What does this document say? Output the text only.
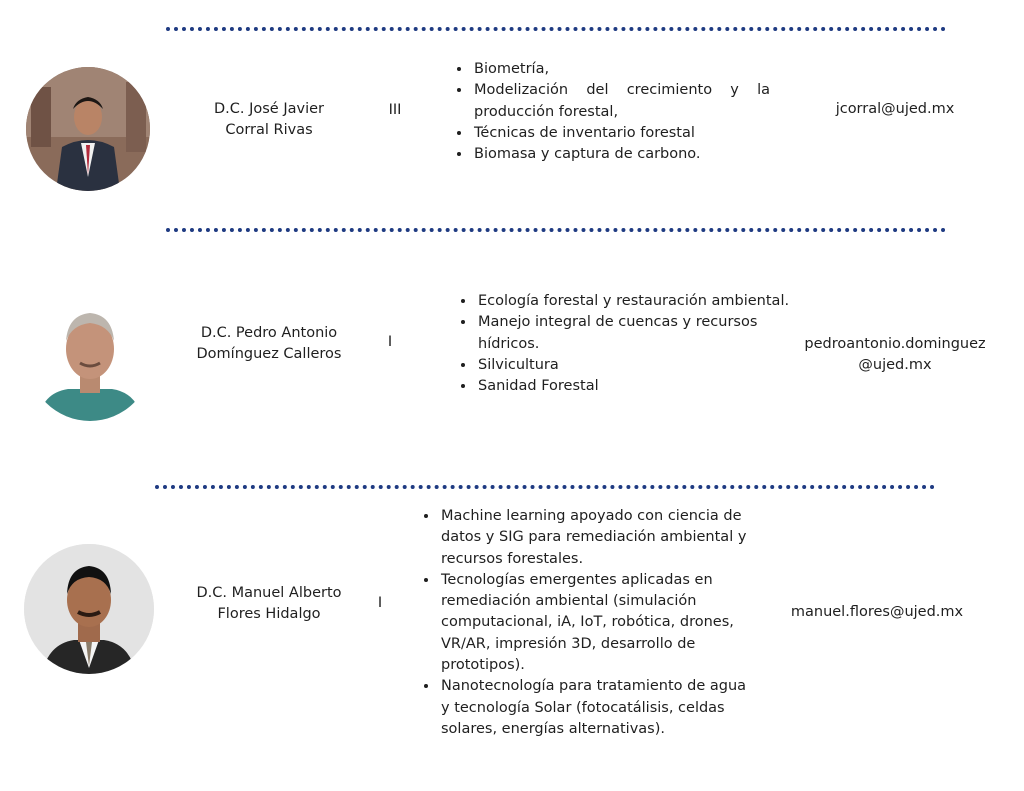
D.C. José Javier
Corral Rivas
III
• Biometría,
• Modelización del crecimiento y la producción forestal,
• Técnicas de inventario forestal
• Biomasa y captura de carbono.
jcorral@ujed.mx
D.C. Pedro Antonio
Domínguez Calleros
I
• Ecología forestal y restauración ambiental.
• Manejo integral de cuencas y recursos hídricos.
• Silvicultura
• Sanidad Forestal
pedroantonio.dominguez@ujed.mx
D.C. Manuel Alberto
Flores Hidalgo
I
• Machine learning apoyado con ciencia de datos y SIG para remediación ambiental y recursos forestales.
• Tecnologías emergentes aplicadas en remediación ambiental (simulación computacional, iA, IoT, robótica, drones, VR/AR, impresión 3D, desarrollo de prototipos).
• Nanotecnología para tratamiento de agua y tecnología Solar (fotocatálisis, celdas solares, energías alternativas).
manuel.flores@ujed.mx
